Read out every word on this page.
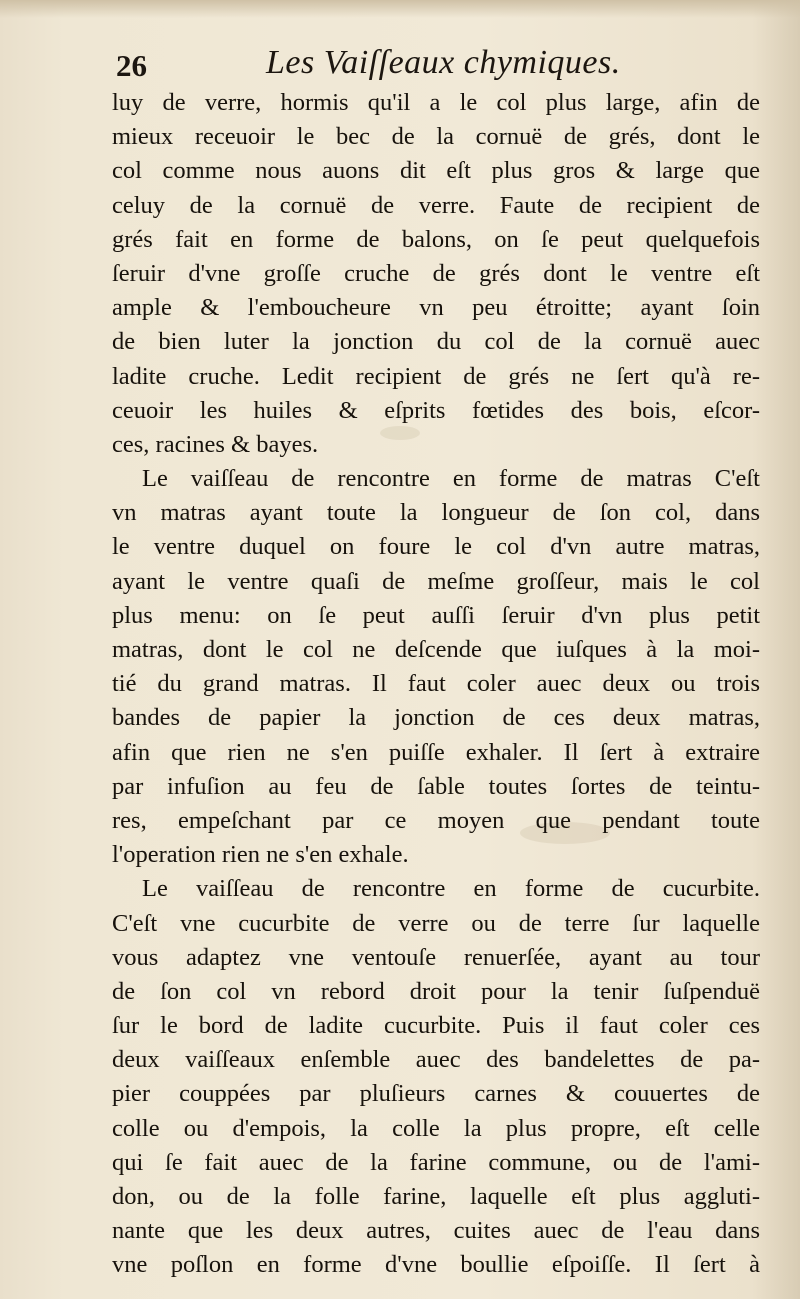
26	Les Vaiſſeaux chymiques.
luy de verre, hormis qu'il a le col plus large, afin de
mieux receuoir le bec de la cornuë de grés, dont le
col comme nous auons dit eſt plus gros & large que
celuy de la cornuë de verre. Faute de recipient de
grés fait en forme de balons, on ſe peut quelquefois
ſeruir d'vne groſſe cruche de grés dont le ventre eſt
ample & l'emboucheure vn peu étroitte; ayant ſoin
de bien luter la jonction du col de la cornuë auec
ladite cruche. Ledit recipient de grés ne ſert qu'à re-
ceuoir les huiles & eſprits fœtides des bois, eſcor-
ces, racines & bayes.
Le vaiſſeau de rencontre en forme de matras C'eſt
vn matras ayant toute la longueur de ſon col, dans
le ventre duquel on foure le col d'vn autre matras,
ayant le ventre quaſi de meſme groſſeur, mais le col
plus menu: on ſe peut auſſi ſeruir d'vn plus petit
matras, dont le col ne deſcende que iuſques à la moi-
tié du grand matras. Il faut coler auec deux ou trois
bandes de papier la jonction de ces deux matras,
afin que rien ne s'en puiſſe exhaler. Il ſert à extraire
par infuſion au feu de ſable toutes ſortes de teintu-
res, empeſchant par ce moyen que pendant toute
l'operation rien ne s'en exhale.
Le vaiſſeau de rencontre en forme de cucurbite.
C'eſt vne cucurbite de verre ou de terre ſur laquelle
vous adaptez vne ventouſe renuerſée, ayant au tour
de ſon col vn rebord droit pour la tenir ſuſpenduë
ſur le bord de ladite cucurbite. Puis il faut coler ces
deux vaiſſeaux enſemble auec des bandelettes de pa-
pier couppées par pluſieurs carnes & couuertes de
colle ou d'empois, la colle la plus propre, eſt celle
qui ſe fait auec de la farine commune, ou de l'ami-
don, ou de la folle farine, laquelle eſt plus aggluti-
nante que les deux autres, cuites auec de l'eau dans
vne poſlon en forme d'vne boullie eſpoiſſe. Il ſert à
